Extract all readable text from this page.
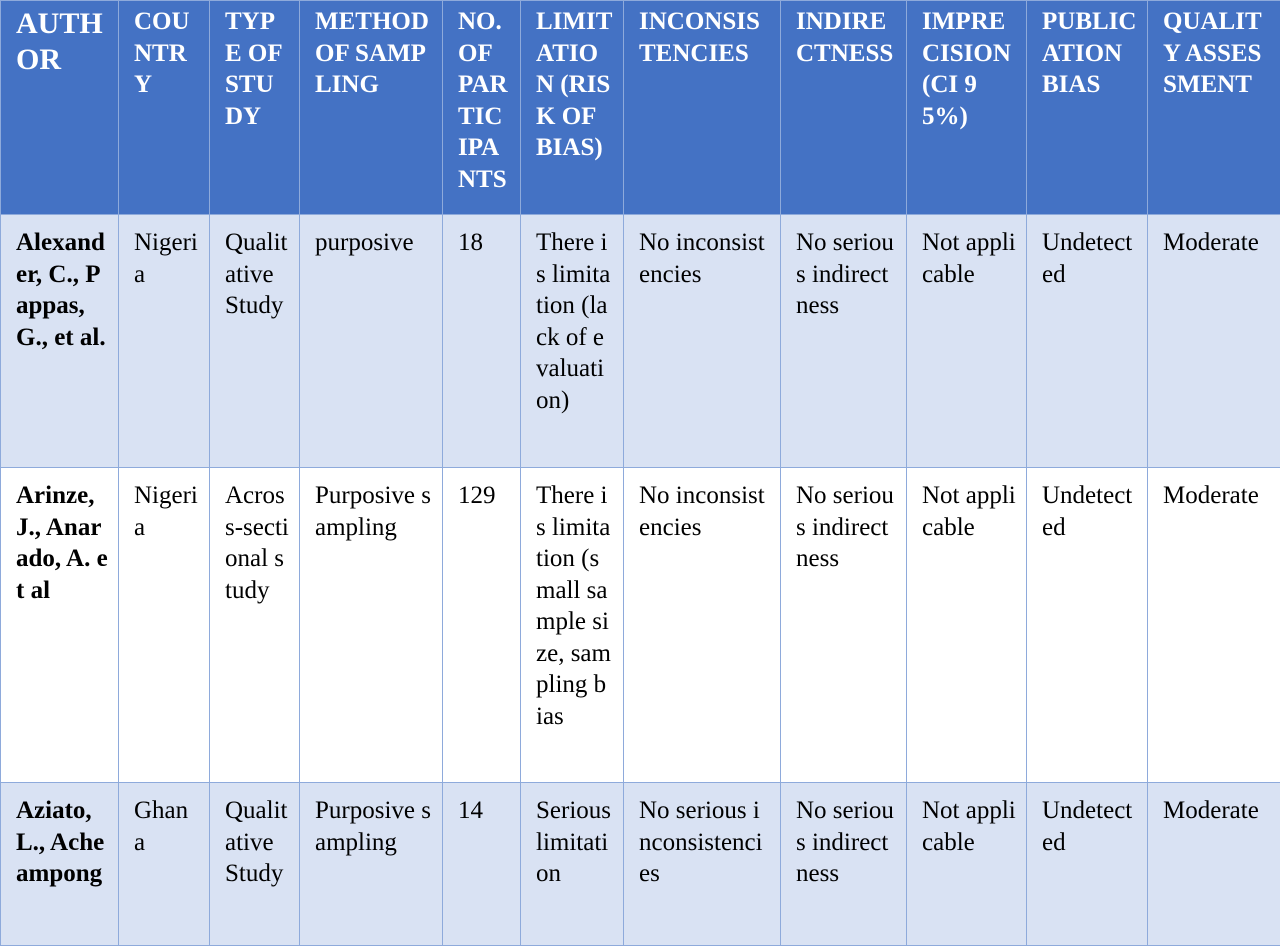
AUTHOR	COUNTRY	TYPE OF STUDY	METHOD OF SAMPLING	NO. OF PARTICIPANTS	LIMITATION (RISK OF BIAS)	INCONSISTENCIES	INDIRECTNESS	IMPRECISION (CI 95%)	PUBLICATION BIAS	QUALITY ASSESSMENT
Alexander, C., Pappas, G., et al.	Nigeria	Qualitative Study	purposive	18	There is limitation (lack of evaluation)	No inconsistencies	No serious indirectness	Not applicable	Undetected	Moderate
Arinze, J., Anarado, A. et al	Nigeria	Across-sectional study	Purposive sampling	129	There is limitation (small sample size, sampling bias	No inconsistencies	No serious indirectness	Not applicable	Undetected	Moderate
Aziato, L., Acheampong	Ghana	Qualitative Study	Purposive sampling	14	Serious limitation	No serious inconsistencies	No serious indirectness	Not applicable	Undetected	Moderate
